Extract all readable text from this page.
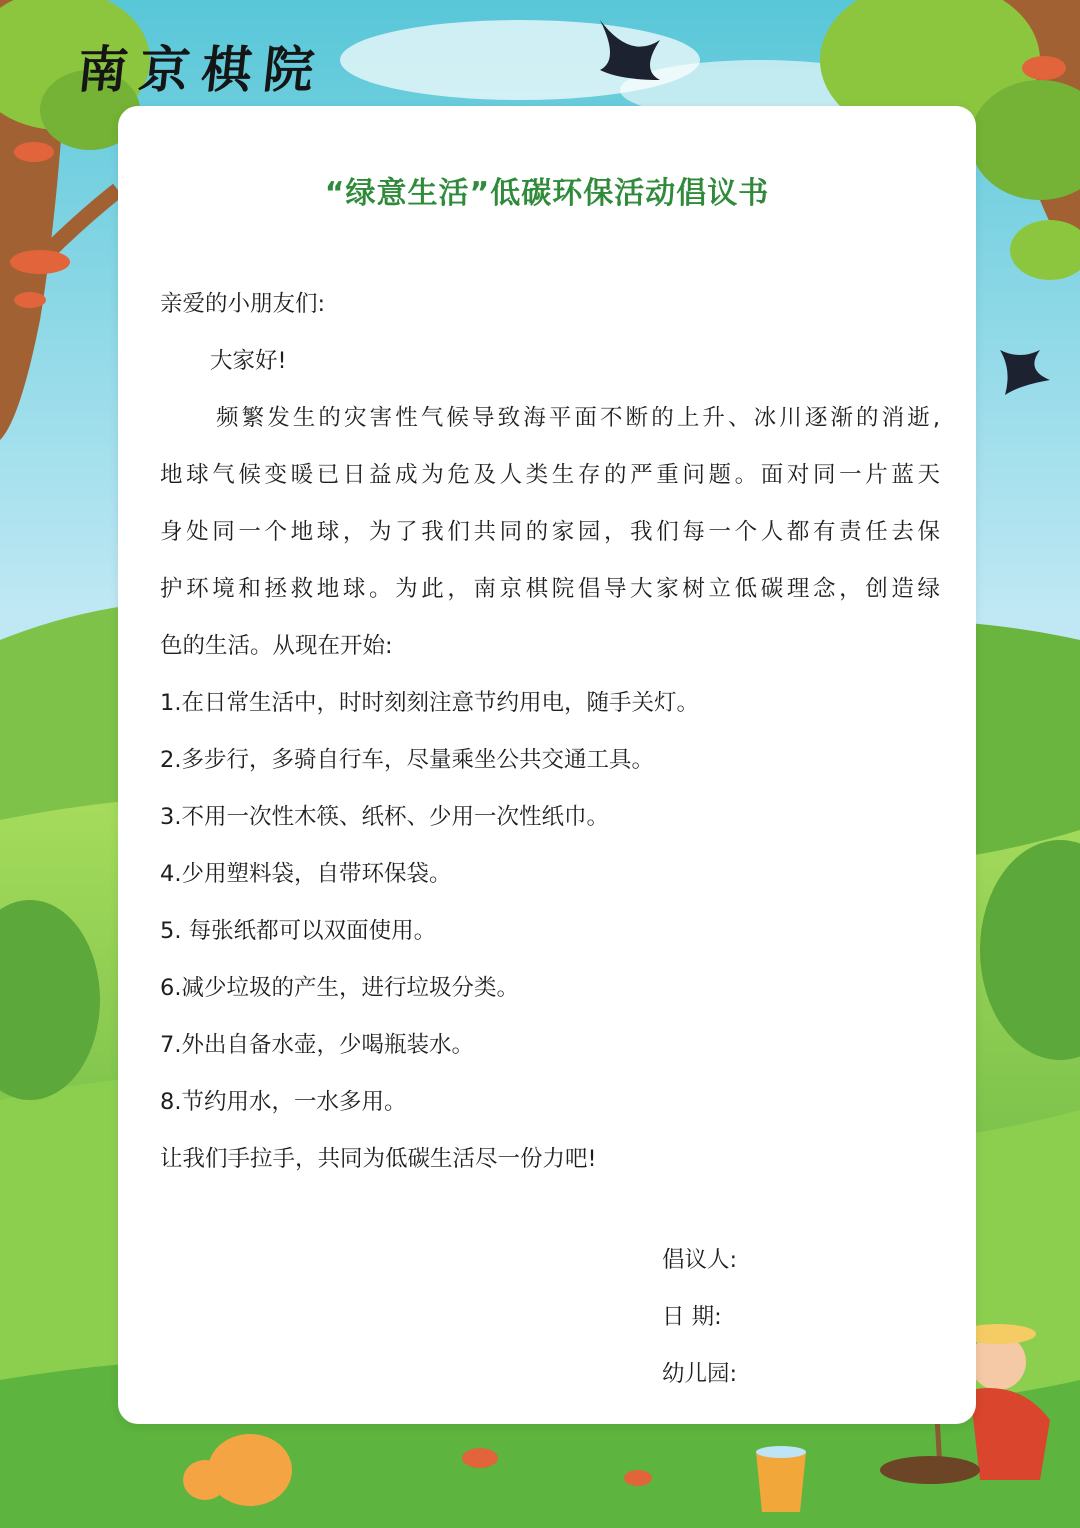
南京棋院
“绿意生活”低碳环保活动倡议书
亲爱的小朋友们:
大家好!
频繁发生的灾害性气候导致海平面不断的上升、冰川逐渐的消逝,
地球气候变暖已日益成为危及人类生存的严重问题。面对同一片蓝天
身处同一个地球，为了我们共同的家园，我们每一个人都有责任去保
护环境和拯救地球。为此，南京棋院倡导大家树立低碳理念，创造绿
色的生活。从现在开始:
1.在日常生活中，时时刻刻注意节约用电，随手关灯。
2.多步行，多骑自行车，尽量乘坐公共交通工具。
3.不用一次性木筷、纸杯、少用一次性纸巾。
4.少用塑料袋，自带环保袋。
5. 每张纸都可以双面使用。
6.减少垃圾的产生，进行垃圾分类。
7.外出自备水壶，少喝瓶装水。
8.节约用水，一水多用。
让我们手拉手，共同为低碳生活尽一份力吧!
倡议人:
日 期:
幼儿园:
